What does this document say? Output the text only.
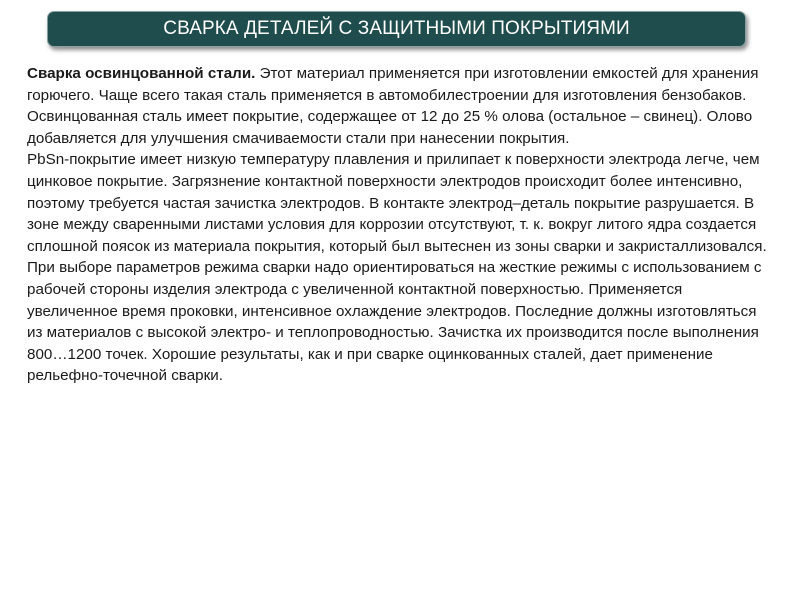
СВАРКА ДЕТАЛЕЙ С ЗАЩИТНЫМИ ПОКРЫТИЯМИ

Сварка освинцованной стали. Этот материал применяется при изготовлении емкостей для хранения горючего. Чаще всего такая сталь применяется в автомобилестроении для изготовления бензобаков. Освинцованная сталь имеет покрытие, содержащее от 12 до 25 % олова (остальное – свинец). Олово добавляется для улучшения смачиваемости стали при нанесении покрытия.

PbSn-покрытие имеет низкую температуру плавления и прилипает к поверхности электрода легче, чем цинковое покрытие. Загрязнение контактной поверхности электродов происходит более интенсивно, поэтому требуется частая зачистка электродов. В контакте электрод–деталь покрытие разрушается. В зоне между сваренными листами условия для коррозии отсутствуют, т. к. вокруг литого ядра создается сплошной поясок из материала покрытия, который был вытеснен из зоны сварки и закристаллизовался.

При выборе параметров режима сварки надо ориентироваться на жесткие режимы с использованием с рабочей стороны изделия электрода с увеличенной контактной поверхностью. Применяется увеличенное время проковки, интенсивное охлаждение электродов. Последние должны изготовляться из материалов с высокой электро- и теплопроводностью. Зачистка их производится после выполнения 800…1200 точек. Хорошие результаты, как и при сварке оцинкованных сталей, дает применение рельефно-точечной сварки.
